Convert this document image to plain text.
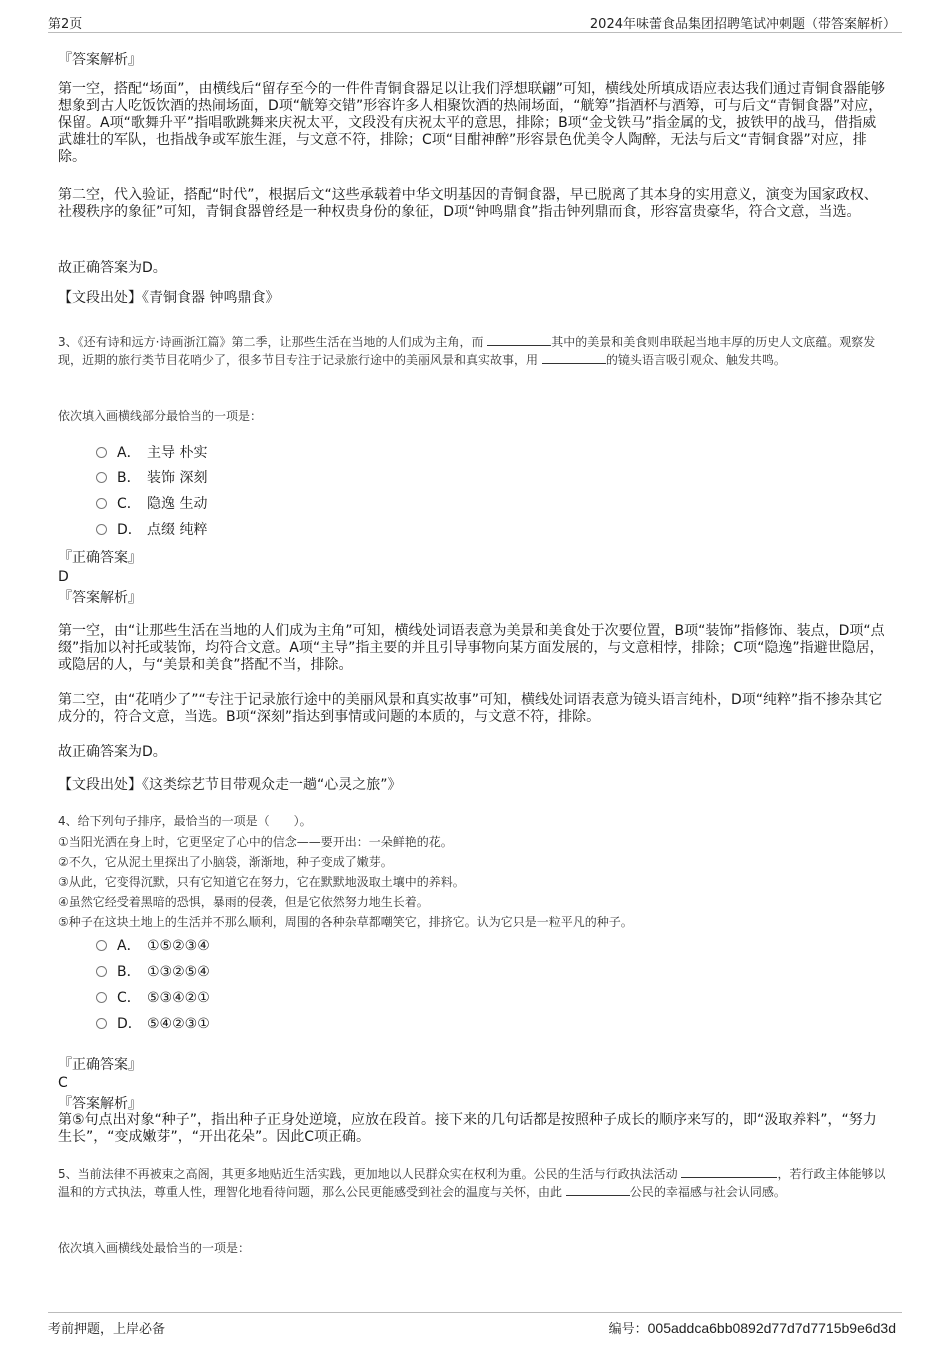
第2页	2024年味蕾食品集团招聘笔试冲刺题（带答案解析）
『答案解析』
第一空，搭配“场面”，由横线后“留存至今的一件件青铜食器足以让我们浮想联翩”可知，横线处所填成语应表达我们通过青铜食器能够想象到古人吃饭饮酒的热闹场面，D项“觥筹交错”形容许多人相聚饮酒的热闹场面，“觥筹”指酒杯与酒筹，可与后文“青铜食器”对应，保留。A项“歌舞升平”指唱歌跳舞来庆祝太平，文段没有庆祝太平的意思，排除；B项“金戈铁马”指金属的戈，披铁甲的战马，借指威武雄壮的军队，也指战争或军旅生涯，与文意不符，排除；C项“目酣神醉”形容景色优美令人陶醉，无法与后文“青铜食器”对应，排除。
第二空，代入验证，搭配“时代”，根据后文“这些承载着中华文明基因的青铜食器，早已脱离了其本身的实用意义，演变为国家政权、社稷秩序的象征”可知，青铜食器曾经是一种权贵身份的象征，D项“钟鸣鼎食”指击钟列鼎而食，形容富贵豪华，符合文意，当选。
故正确答案为D。
【文段出处】《青铜食器 钟鸣鼎食》
3、《还有诗和远方·诗画浙江篇》第二季，让那些生活在当地的人们成为主角，而	其中的美景和美食则串联起当地丰厚的历史人文底蕴。观察发现，近期的旅行类节目花哨少了，很多节目专注于记录旅行途中的美丽风景和真实故事，用	的镜头语言吸引观众、触发共鸣。
依次填入画横线部分最恰当的一项是：
A． 主导 朴实
B． 装饰 深刻
C． 隐逸 生动
D． 点缀 纯粹
『正确答案』
D
『答案解析』
第一空，由“让那些生活在当地的人们成为主角”可知，横线处词语表意为美景和美食处于次要位置，B项“装饰”指修饰、装点，D项“点缀”指加以衬托或装饰，均符合文意。A项“主导”指主要的并且引导事物向某方面发展的，与文意相悖，排除；C项“隐逸”指避世隐居，或隐居的人，与“美景和美食”搭配不当，排除。
第二空，由“花哨少了”“专注于记录旅行途中的美丽风景和真实故事”可知，横线处词语表意为镜头语言纯朴，D项“纯粹”指不掺杂其它成分的，符合文意，当选。B项“深刻”指达到事情或问题的本质的，与文意不符，排除。
故正确答案为D。
【文段出处】《这类综艺节目带观众走一趟“心灵之旅”》
4、给下列句子排序，最恰当的一项是（　　）。
①当阳光洒在身上时，它更坚定了心中的信念——要开出：一朵鲜艳的花。
②不久，它从泥土里探出了小脑袋，渐渐地，种子变成了嫩芽。
③从此，它变得沉默，只有它知道它在努力，它在默默地汲取土壤中的养料。
④虽然它经受着黑暗的恐惧，暴雨的侵袭，但是它依然努力地生长着。
⑤种子在这块土地上的生活并不那么顺利，周围的各种杂草都嘲笑它，排挤它。认为它只是一粒平凡的种子。
A． ①⑤②③④
B． ①③②⑤④
C． ⑤③④②①
D． ⑤④②③①
『正确答案』
C
『答案解析』
第⑤句点出对象“种子”，指出种子正身处逆境，应放在段首。接下来的几句话都是按照种子成长的顺序来写的，即“汲取养料”，“努力生长”，“变成嫩芽”，“开出花朵”。因此C项正确。
5、当前法律不再被束之高阁，其更多地贴近生活实践，更加地以人民群众实在权利为重。公民的生活与行政执法活动	，若行政主体能够以温和的方式执法，尊重人性，理智化地看待问题，那么公民更能感受到社会的温度与关怀，由此	公民的幸福感与社会认同感。
依次填入画横线处最恰当的一项是：
考前押题，上岸必备	编号：005addca6bb0892d77d7d7715b9e6d3d
